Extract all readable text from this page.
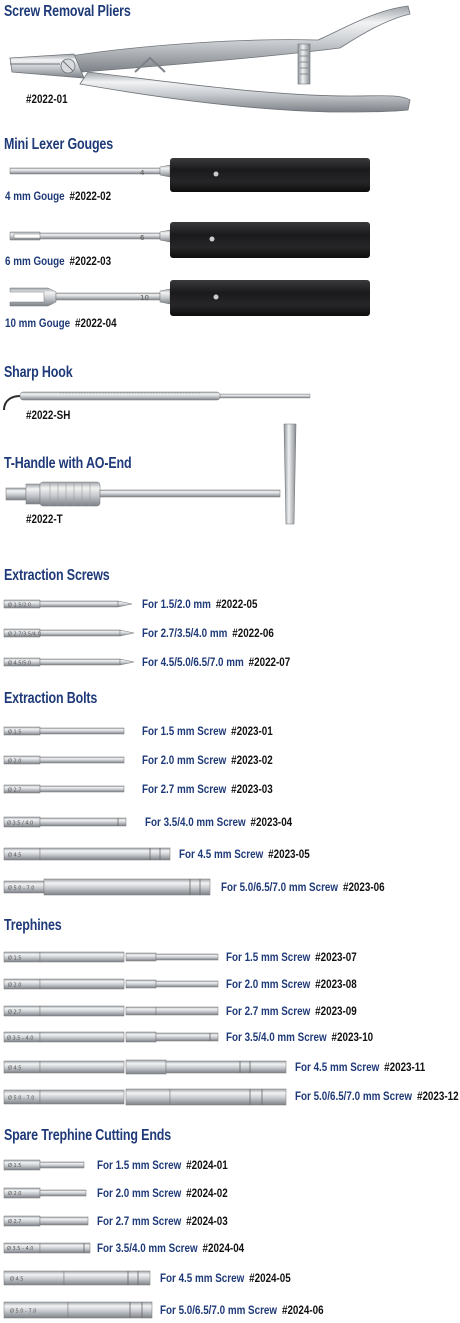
Screw Removal Pliers
#2022-01
Mini Lexer Gouges
4
4 mm Gouge #2022-02
6
6 mm Gouge #2022-03
10
10 mm Gouge #2022-04
Sharp Hook
#2022-SH
T-Handle with AO-End
#2022-T
Extraction Screws
Ø 1.5/2.0	For 1.5/2.0 mm #2022-05
Ø 2.7/3.5/4.0	For 2.7/3.5/4.0 mm #2022-06
Ø 4.5/5.0	For 4.5/5.0/6.5/7.0 mm #2022-07
Extraction Bolts
Ø 1.5	For 1.5 mm Screw #2023-01
Ø 2.0	For 2.0 mm Screw #2023-02
Ø 2.7	For 2.7 mm Screw #2023-03
Ø 3.5 / 4.0	For 3.5/4.0 mm Screw #2023-04
Ø 4.5	For 4.5 mm Screw #2023-05
Ø 5.0 - 7.0	For 5.0/6.5/7.0 mm Screw #2023-06
Trephines
Ø 1.5	For 1.5 mm Screw #2023-07
Ø 2.0	For 2.0 mm Screw #2023-08
Ø 2.7	For 2.7 mm Screw #2023-09
Ø 3.5 - 4.0	For 3.5/4.0 mm Screw #2023-10
Ø 4.5	For 4.5 mm Screw #2023-11
Ø 5.0 - 7.0	For 5.0/6.5/7.0 mm Screw #2023-12
Spare Trephine Cutting Ends
Ø 1.5	For 1.5 mm Screw #2024-01
Ø 2.0	For 2.0 mm Screw #2024-02
Ø 2.7	For 2.7 mm Screw #2024-03
Ø 3.5 - 4.0	For 3.5/4.0 mm Screw #2024-04
Ø 4.5	For 4.5 mm Screw #2024-05
Ø 5.0 - 7.0	For 5.0/6.5/7.0 mm Screw #2024-06
